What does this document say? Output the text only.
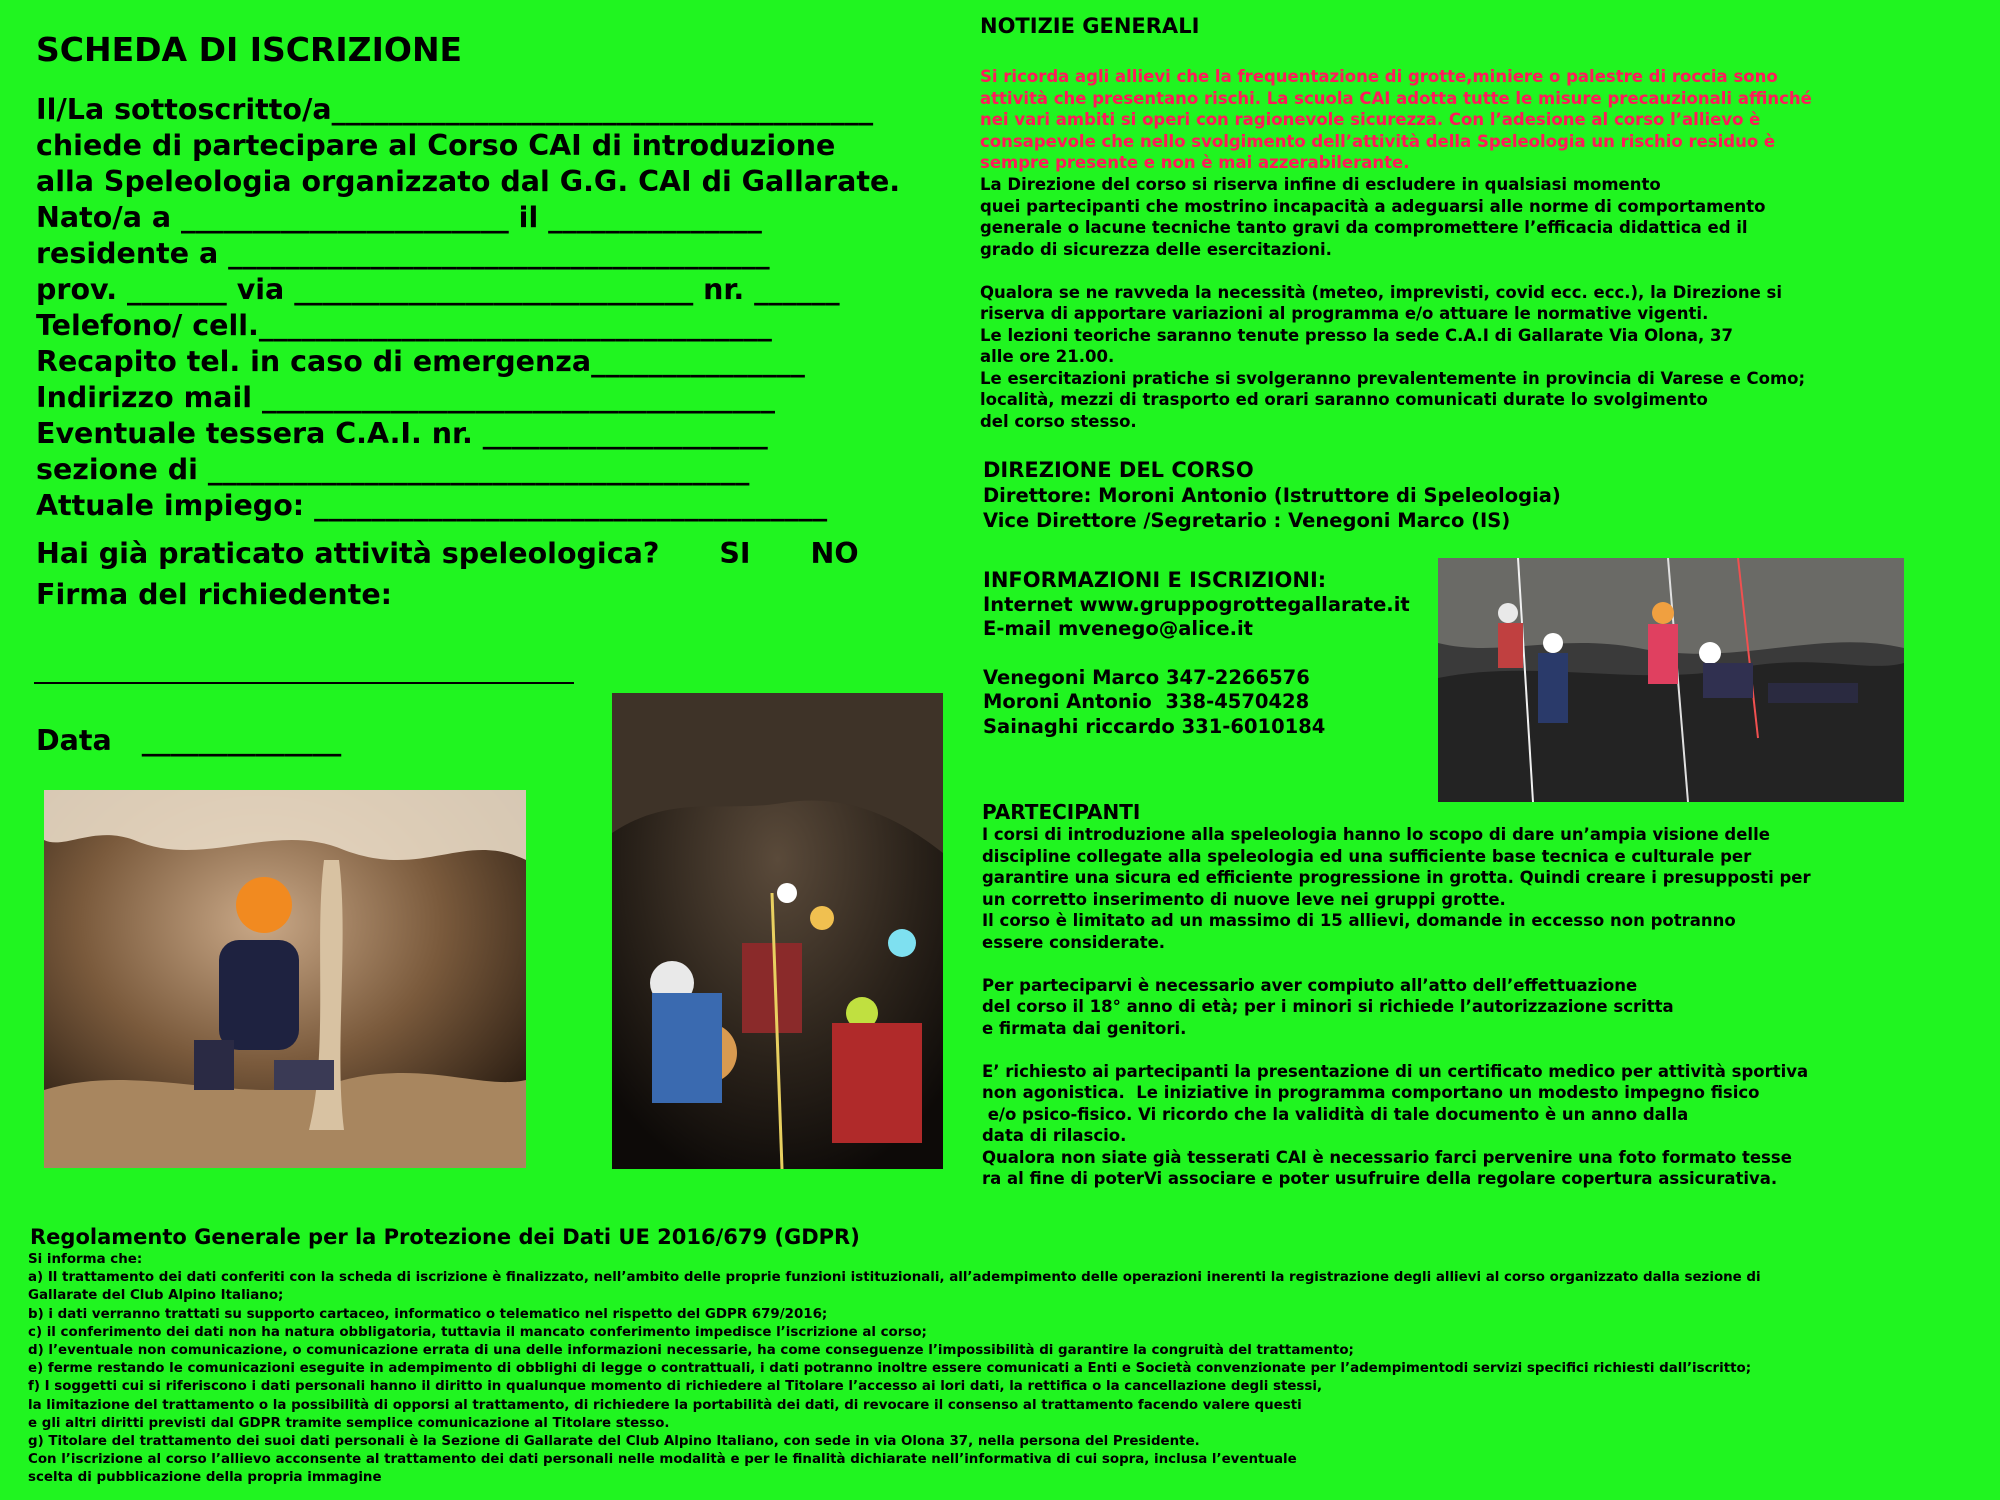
SCHEDA DI ISCRIZIONE
Il/La sottoscritto/a______________________________________
chiede di partecipare al Corso CAI di introduzione
alla Speleologia organizzato dal G.G. CAI di Gallarate.
Nato/a a _______________________ il _______________
residente a ______________________________________
prov. _______ via ____________________________ nr. ______
Telefono/ cell.____________________________________
Recapito tel. in caso di emergenza_______________
Indirizzo mail ____________________________________
Eventuale tessera C.A.I. nr. ____________________
sezione di ______________________________________
Attuale impiego: ____________________________________
Hai già praticato attività speleologica? SI NO
Firma del richiedente:
Data ______________
NOTIZIE GENERALI
Si ricorda agli allievi che la frequentazione di grotte,miniere o palestre di roccia sono
attività che presentano rischi. La scuola CAI adotta tutte le misure precauzionali affinché
nei vari ambiti si operi con ragionevole sicurezza. Con l’adesione al corso l’allievo è
consapevole che nello svolgimento dell’attività della Speleologia un rischio residuo è
sempre presente e non è mai azzerabilerante.
La Direzione del corso si riserva infine di escludere in qualsiasi momento
quei partecipanti che mostrino incapacità a adeguarsi alle norme di comportamento
generale o lacune tecniche tanto gravi da compromettere l’efficacia didattica ed il
grado di sicurezza delle esercitazioni.

Qualora se ne ravveda la necessità (meteo, imprevisti, covid ecc. ecc.), la Direzione si
riserva di apportare variazioni al programma e/o attuare le normative vigenti.
Le lezioni teoriche saranno tenute presso la sede C.A.I di Gallarate Via Olona, 37
alle ore 21.00.
Le esercitazioni pratiche si svolgeranno prevalentemente in provincia di Varese e Como;
località, mezzi di trasporto ed orari saranno comunicati durate lo svolgimento
del corso stesso.
DIREZIONE DEL CORSO
Direttore: Moroni Antonio (Istruttore di Speleologia)
Vice Direttore /Segretario : Venegoni Marco (IS)
INFORMAZIONI E ISCRIZIONI:
Internet www.gruppogrottegallarate.it
E-mail mvenego@alice.it
Venegoni Marco 347-2266576
Moroni Antonio  338-4570428
Sainaghi riccardo 331-6010184
PARTECIPANTI
I corsi di introduzione alla speleologia hanno lo scopo di dare un’ampia visione delle
discipline collegate alla speleologia ed una sufficiente base tecnica e culturale per
garantire una sicura ed efficiente progressione in grotta. Quindi creare i presupposti per
un corretto inserimento di nuove leve nei gruppi grotte.
Il corso è limitato ad un massimo di 15 allievi, domande in eccesso non potranno
essere considerate.

Per parteciparvi è necessario aver compiuto all’atto dell’effettuazione
del corso il 18° anno di età; per i minori si richiede l’autorizzazione scritta
e firmata dai genitori.

E’ richiesto ai partecipanti la presentazione di un certificato medico per attività sportiva
non agonistica.  Le iniziative in programma comportano un modesto impegno fisico
e/o psico-fisico. Vi ricordo che la validità di tale documento è un anno dalla
data di rilascio.
Qualora non siate già tesserati CAI è necessario farci pervenire una foto formato tesse
ra al fine di poterVi associare e poter usufruire della regolare copertura assicurativa.
Regolamento Generale per la Protezione dei Dati UE 2016/679 (GDPR)
Si informa che:
a) Il trattamento dei dati conferiti con la scheda di iscrizione è finalizzato, nell’ambito delle proprie funzioni istituzionali, all’adempimento delle operazioni inerenti la registrazione degli allievi al corso organizzato dalla sezione di
Gallarate del Club Alpino Italiano;
b) i dati verranno trattati su supporto cartaceo, informatico o telematico nel rispetto del GDPR 679/2016;
c) il conferimento dei dati non ha natura obbligatoria, tuttavia il mancato conferimento impedisce l’iscrizione al corso;
d) l’eventuale non comunicazione, o comunicazione errata di una delle informazioni necessarie, ha come conseguenze l’impossibilità di garantire la congruità del trattamento;
e) ferme restando le comunicazioni eseguite in adempimento di obblighi di legge o contrattuali, i dati potranno inoltre essere comunicati a Enti e Società convenzionate per l’adempimentodi servizi specifici richiesti dall’iscritto;
f) I soggetti cui si riferiscono i dati personali hanno il diritto in qualunque momento di richiedere al Titolare l’accesso ai lori dati, la rettifica o la cancellazione degli stessi,
la limitazione del trattamento o la possibilità di opporsi al trattamento, di richiedere la portabilità dei dati, di revocare il consenso al trattamento facendo valere questi
e gli altri diritti previsti dal GDPR tramite semplice comunicazione al Titolare stesso.
g) Titolare del trattamento dei suoi dati personali è la Sezione di Gallarate del Club Alpino Italiano, con sede in via Olona 37, nella persona del Presidente.
Con l’iscrizione al corso l’allievo acconsente al trattamento dei dati personali nelle modalità e per le finalità dichiarate nell’informativa di cui sopra, inclusa l’eventuale
scelta di pubblicazione della propria immagine
